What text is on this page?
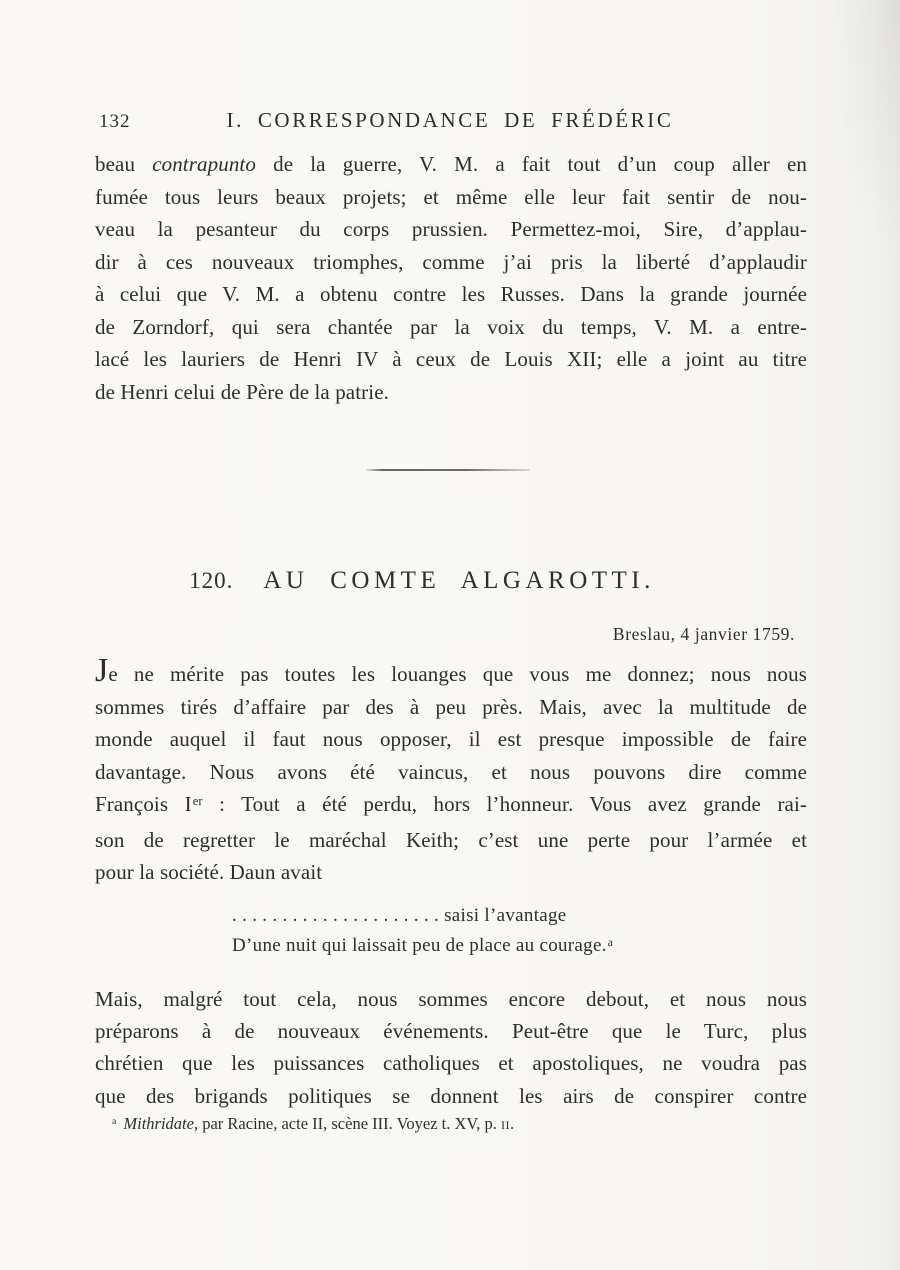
132	I. CORRESPONDANCE DE FRÉDÉRIC
beau contrapunto de la guerre, V. M. a fait tout d’un coup aller en
fumée tous leurs beaux projets; et même elle leur fait sentir de nou-
veau la pesanteur du corps prussien. Permettez-moi, Sire, d’applau-
dir à ces nouveaux triomphes, comme j’ai pris la liberté d’applaudir
à celui que V. M. a obtenu contre les Russes. Dans la grande journée
de Zorndorf, qui sera chantée par la voix du temps, V. M. a entre-
lacé les lauriers de Henri IV à ceux de Louis XII; elle a joint au titre
de Henri celui de Père de la patrie.
120. AU COMTE ALGAROTTI.
Breslau, 4 janvier 1759.
Je ne mérite pas toutes les louanges que vous me donnez; nous nous
sommes tirés d’affaire par des à peu près. Mais, avec la multitude de
monde auquel il faut nous opposer, il est presque impossible de faire
davantage. Nous avons été vaincus, et nous pouvons dire comme
François Ier : Tout a été perdu, hors l’honneur. Vous avez grande rai-
son de regretter le maréchal Keith; c’est une perte pour l’armée et
pour la société. Daun avait
. . . . . . . . . . . . . . . . . . . . . saisi l’avantage
D’une nuit qui laissait peu de place au courage.$^a$
Mais, malgré tout cela, nous sommes encore debout, et nous nous
préparons à de nouveaux événements. Peut-être que le Turc, plus
chrétien que les puissances catholiques et apostoliques, ne voudra pas
que des brigands politiques se donnent les airs de conspirer contre
$^a$ Mithridate, par Racine, acte II, scène III. Voyez t. XV, p. ii.
